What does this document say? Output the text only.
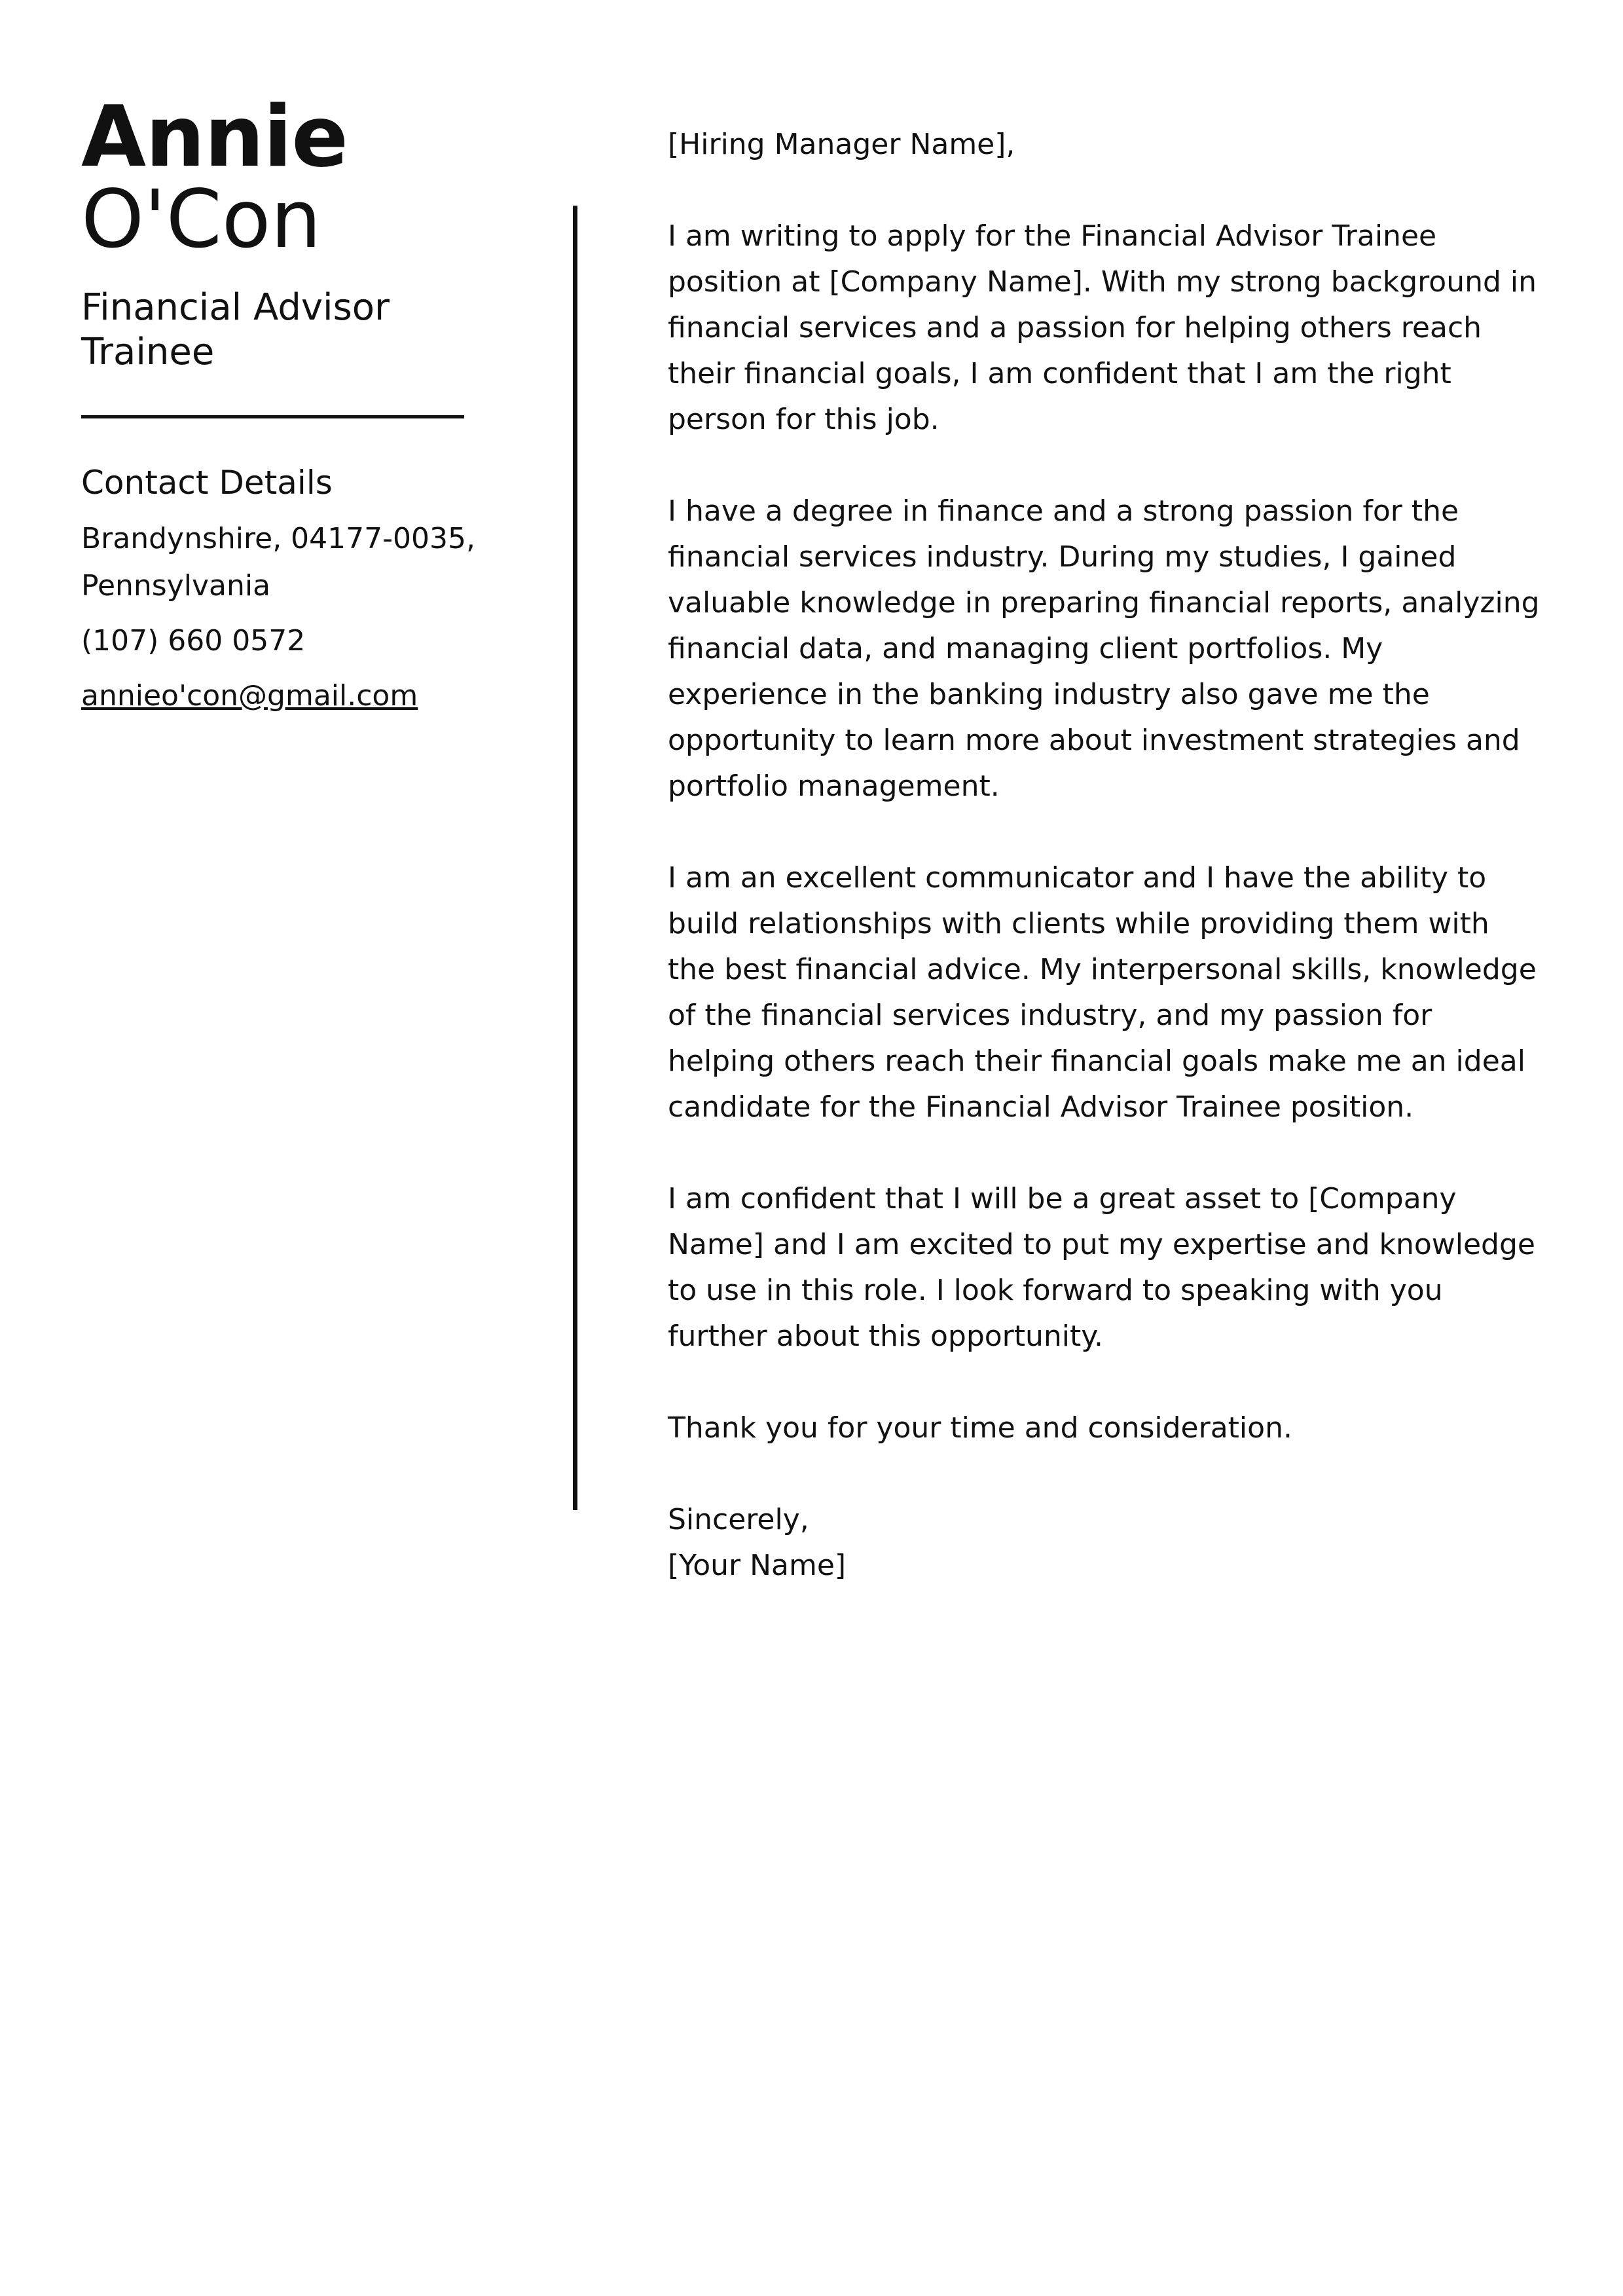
Annie
O'Con
Financial Advisor Trainee
Contact Details
Brandynshire, 04177-0035, Pennsylvania
(107) 660 0572
annieo'con@gmail.com

[Hiring Manager Name],

I am writing to apply for the Financial Advisor Trainee position at [Company Name]. With my strong background in financial services and a passion for helping others reach their financial goals, I am confident that I am the right person for this job.

I have a degree in finance and a strong passion for the financial services industry. During my studies, I gained valuable knowledge in preparing financial reports, analyzing financial data, and managing client portfolios. My experience in the banking industry also gave me the opportunity to learn more about investment strategies and portfolio management.

I am an excellent communicator and I have the ability to build relationships with clients while providing them with the best financial advice. My interpersonal skills, knowledge of the financial services industry, and my passion for helping others reach their financial goals make me an ideal candidate for the Financial Advisor Trainee position.

I am confident that I will be a great asset to [Company Name] and I am excited to put my expertise and knowledge to use in this role. I look forward to speaking with you further about this opportunity.

Thank you for your time and consideration.

Sincerely,

[Your Name]
